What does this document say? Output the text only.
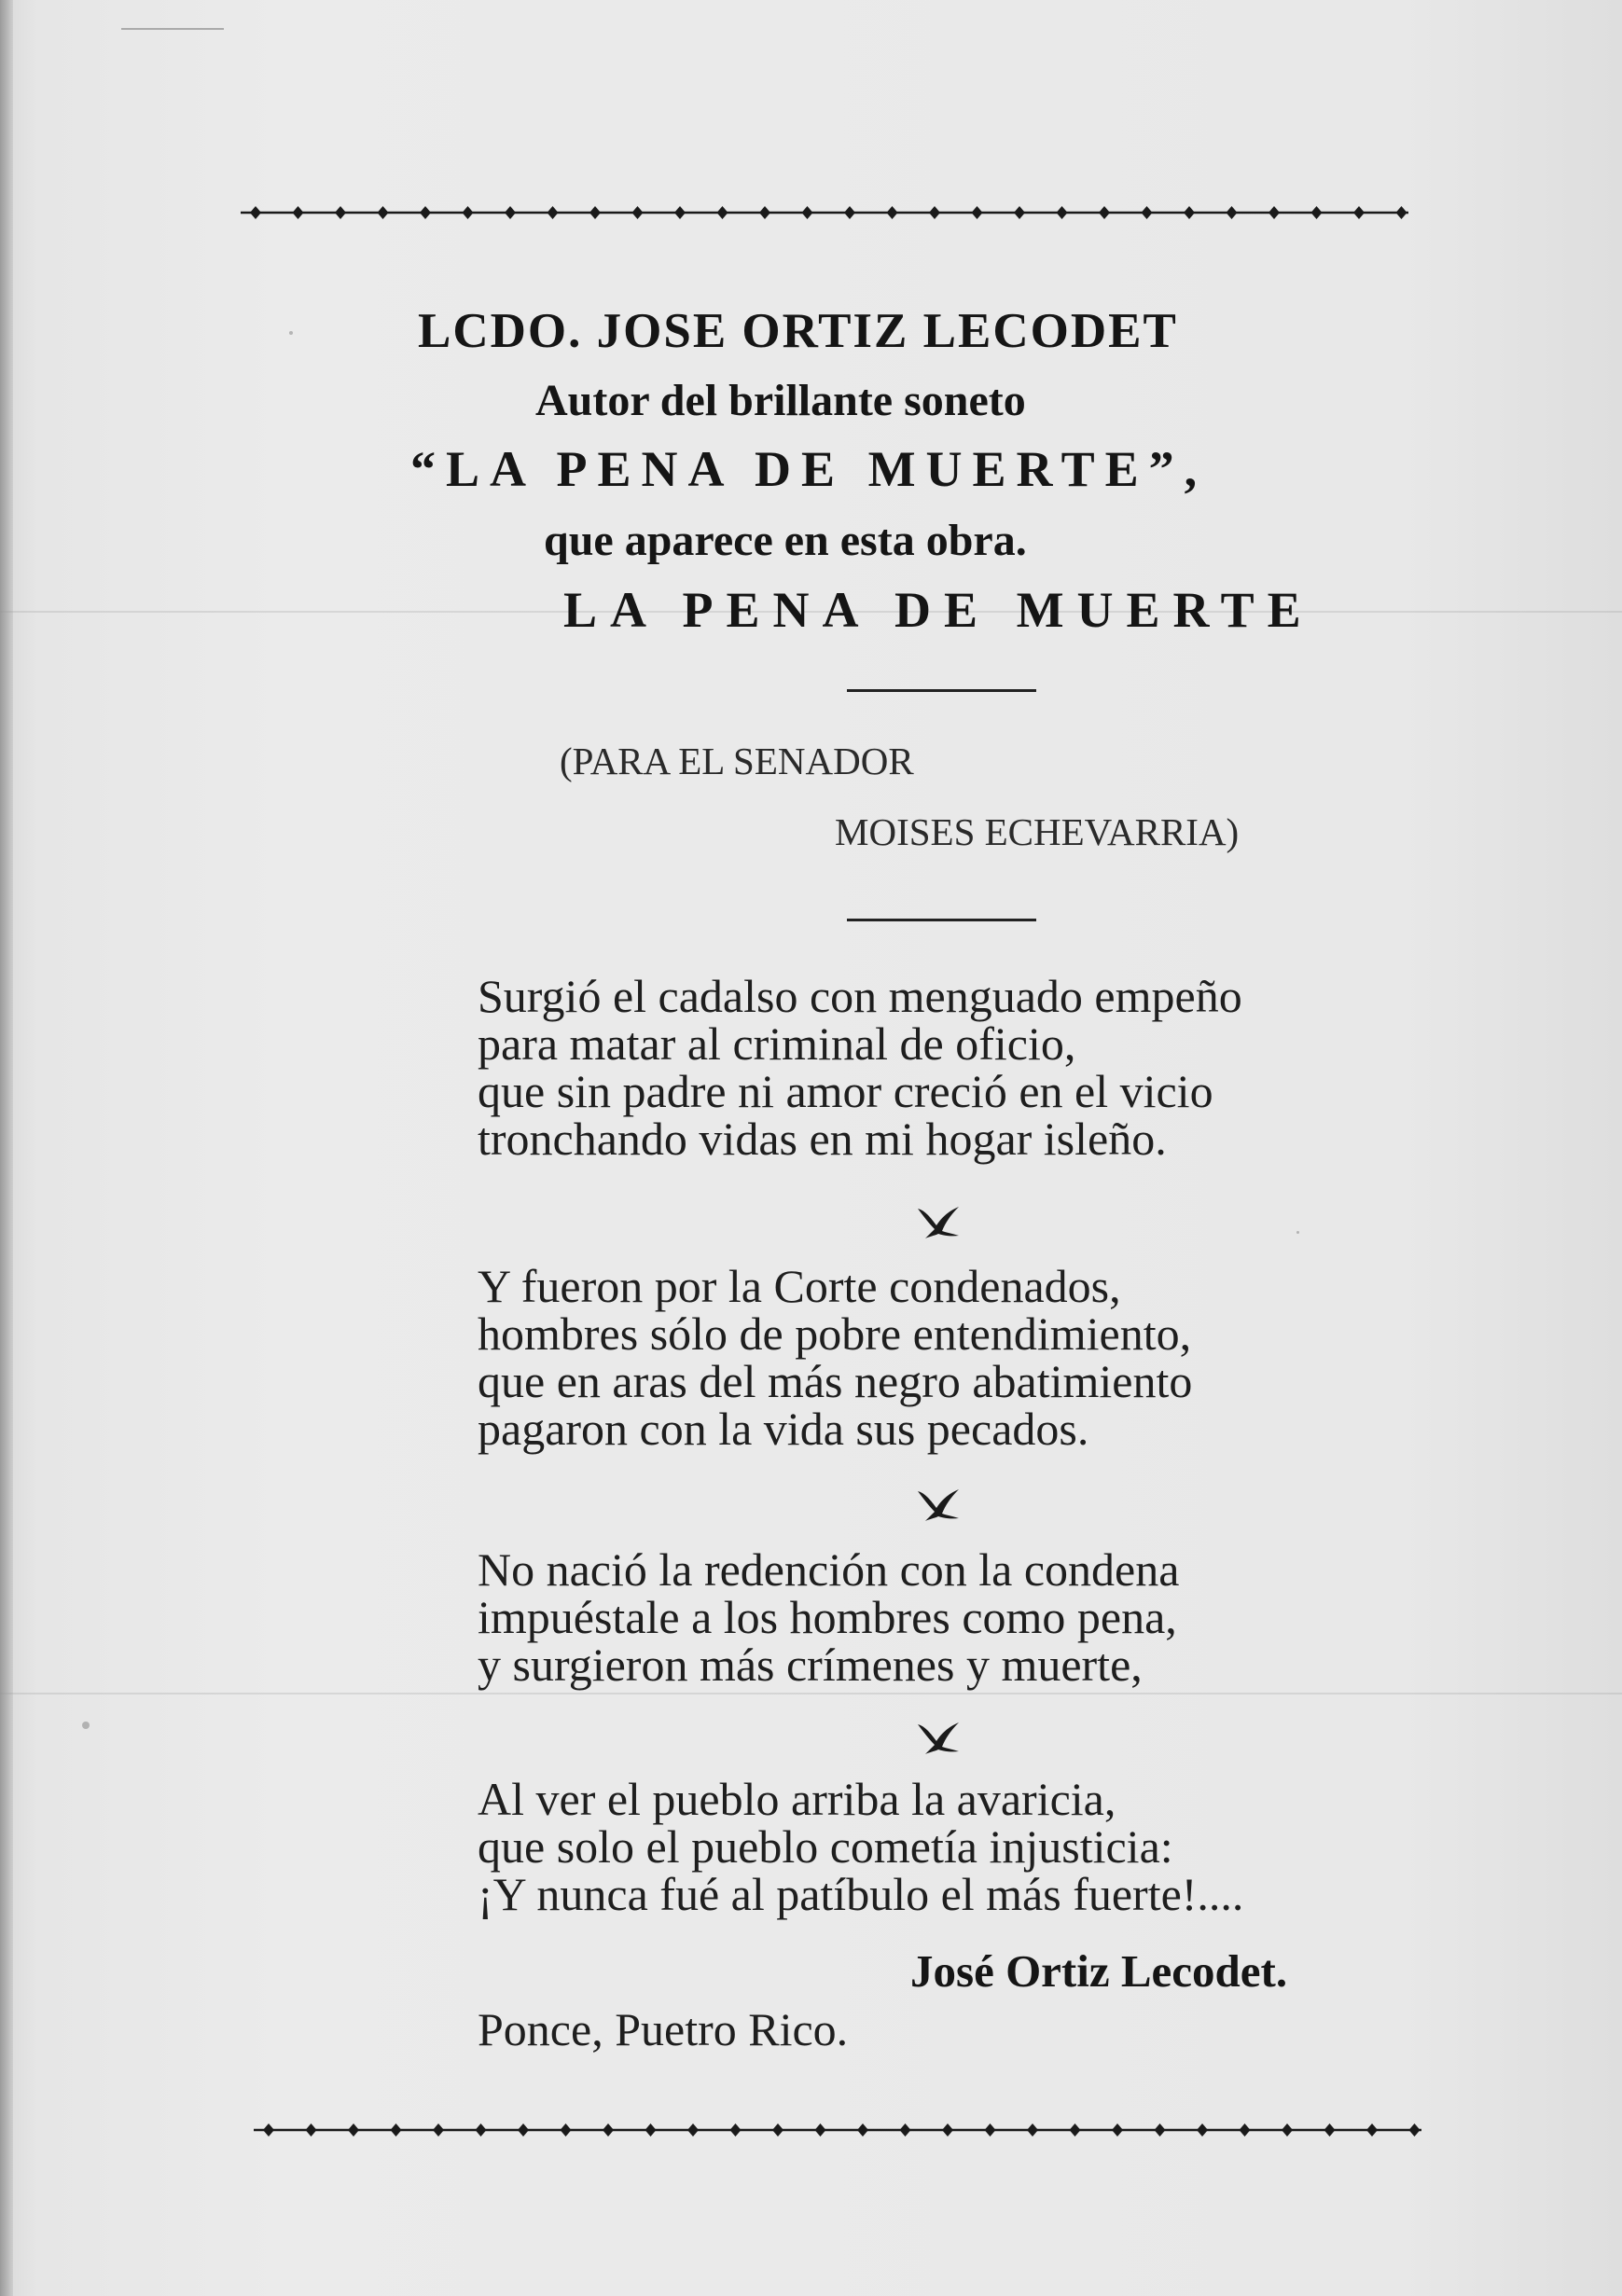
LCDO. JOSE ORTIZ LECODET
Autor del brillante soneto
“LA PENA DE MUERTE”,
que aparece en esta obra.
LA PENA DE MUERTE
(PARA EL SENADOR
MOISES ECHEVARRIA)
Surgió el cadalso con menguado empeño
para matar al criminal de oficio,
que sin padre ni amor creció en el vicio
tronchando vidas en mi hogar isleño.
Y fueron por la Corte condenados,
hombres sólo de pobre entendimiento,
que en aras del más negro abatimiento
pagaron con la vida sus pecados.
No nació la redención con la condena
impuéstale a los hombres como pena,
y surgieron más crímenes y muerte,
Al ver el pueblo arriba la avaricia,
que solo el pueblo cometía injusticia:
¡Y nunca fué al patíbulo el más fuerte!....
José Ortiz Lecodet.
Ponce, Puetro Rico.
